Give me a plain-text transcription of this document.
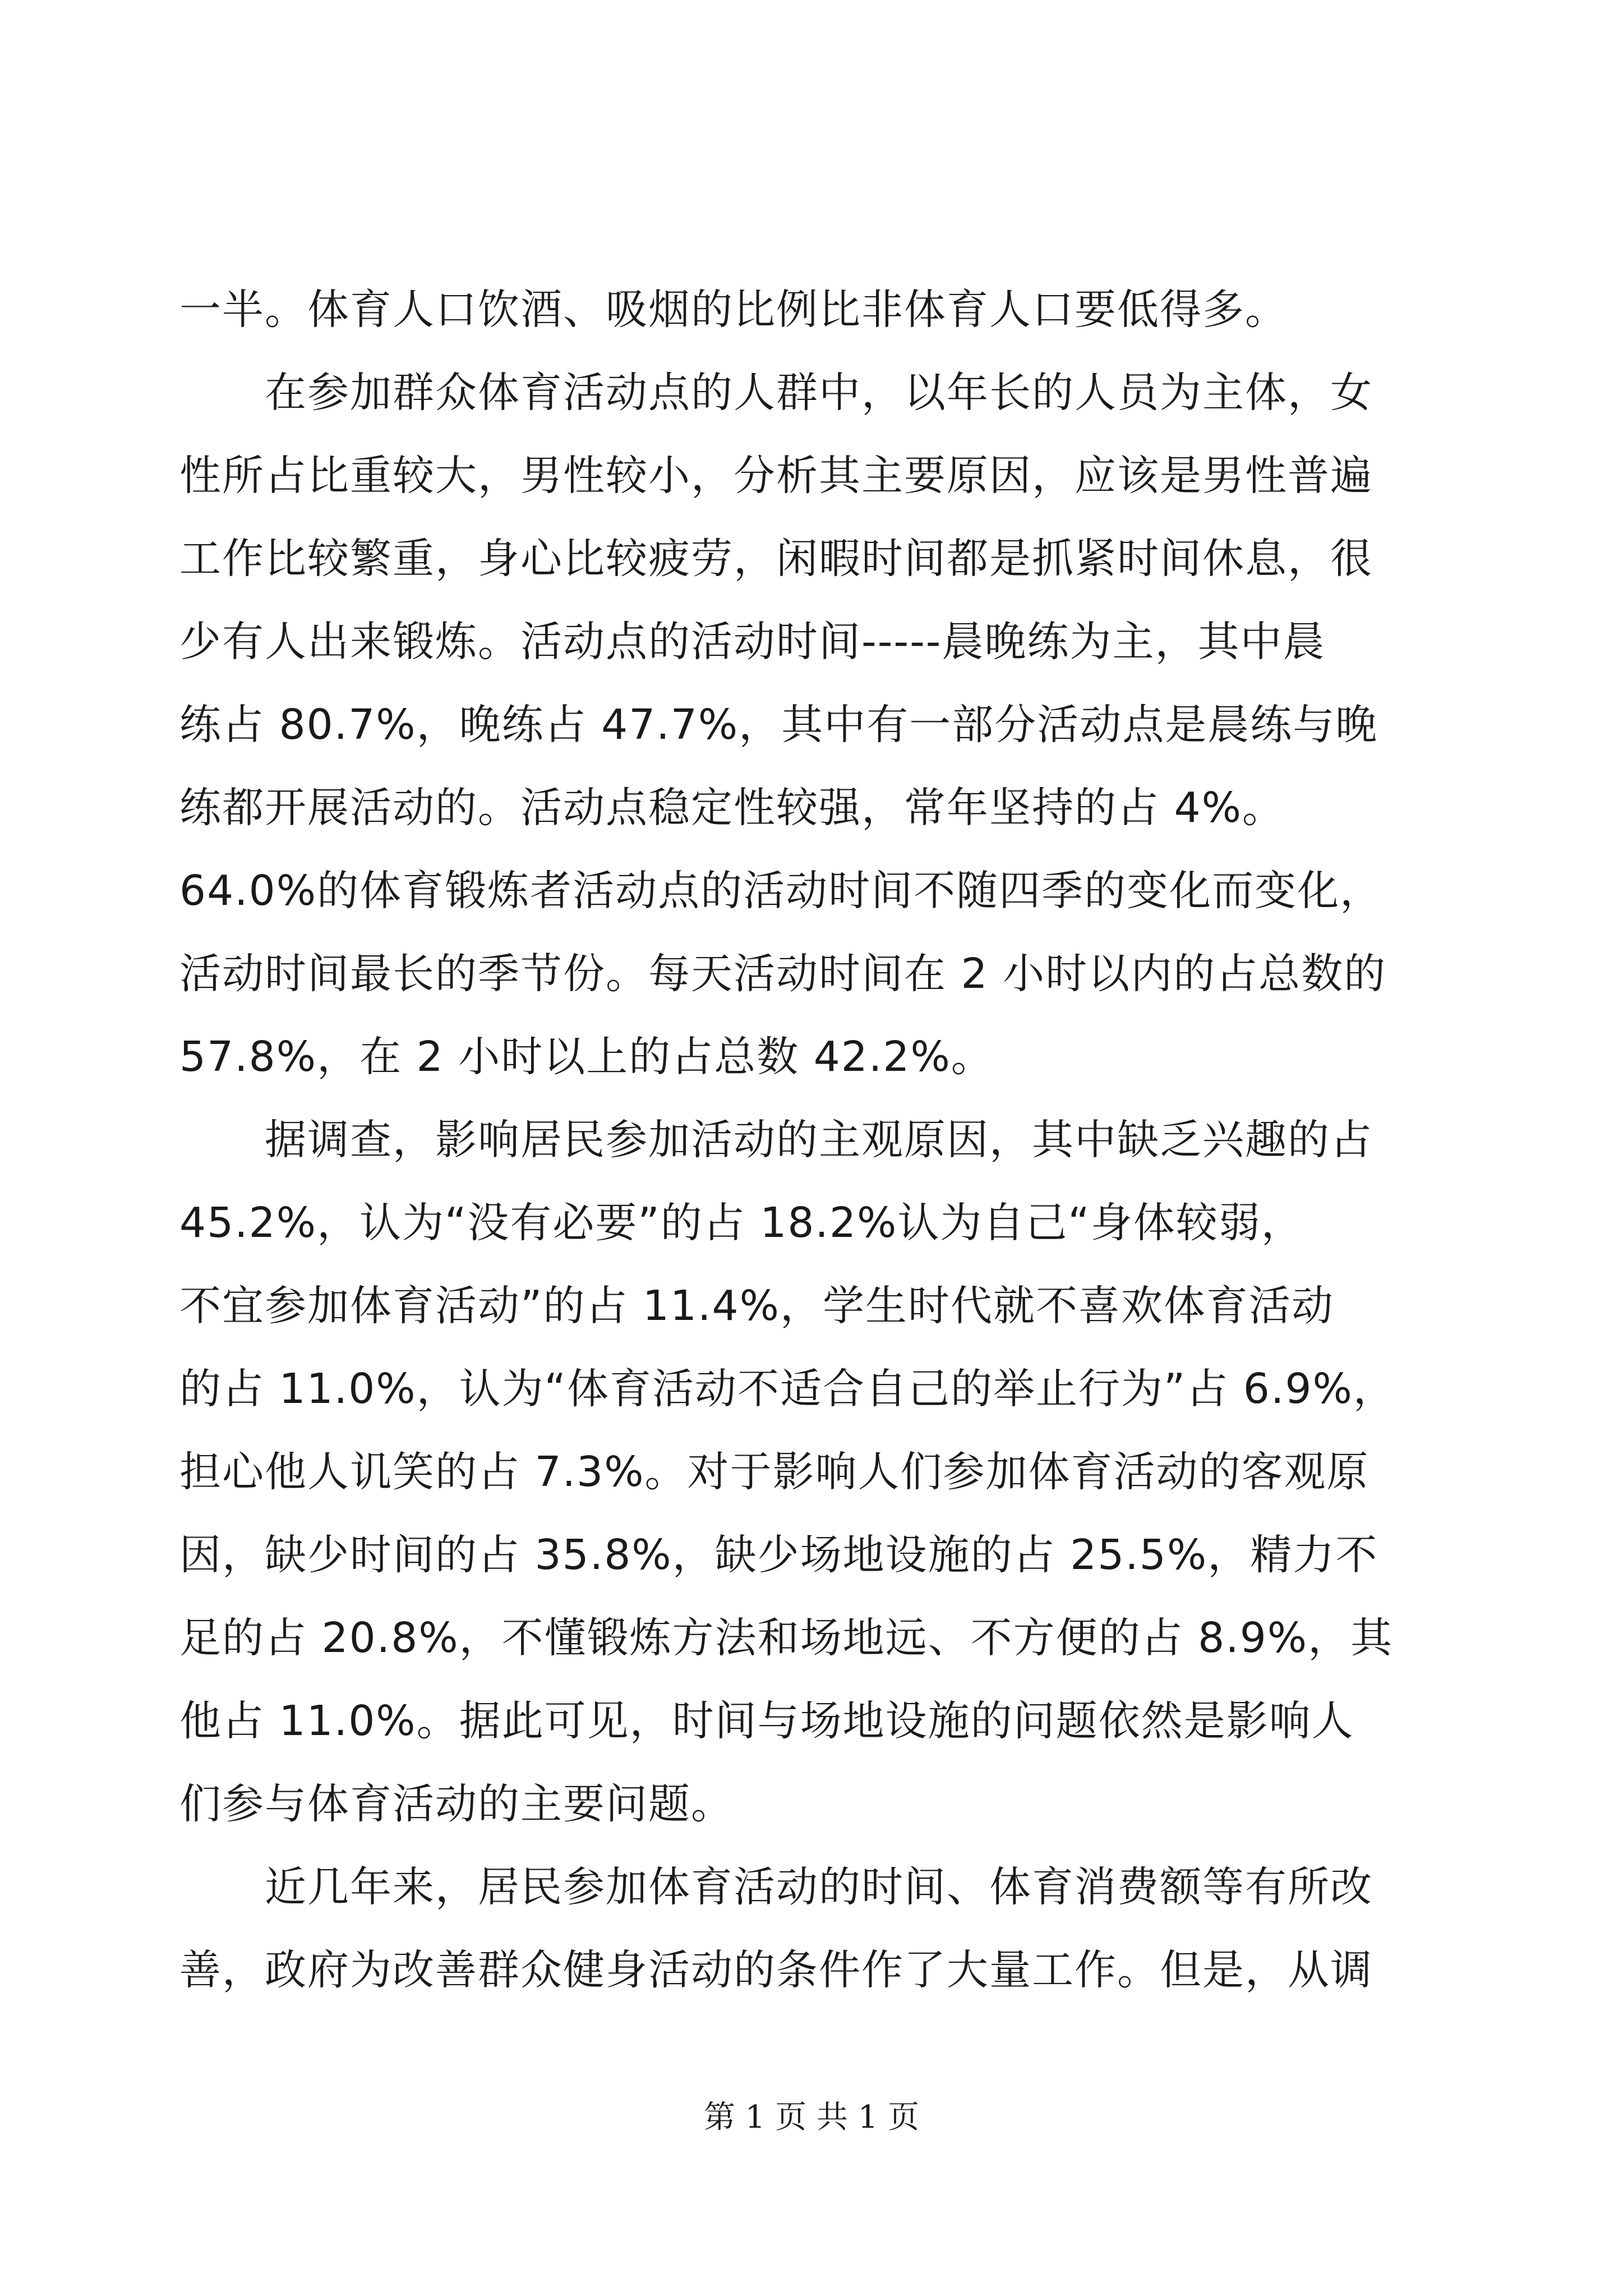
一半。体育人口饮酒、吸烟的比例比非体育人口要低得多。
　　在参加群众体育活动点的人群中，以年长的人员为主体，女
性所占比重较大，男性较小，分析其主要原因，应该是男性普遍
工作比较繁重，身心比较疲劳，闲暇时间都是抓紧时间休息，很
少有人出来锻炼。活动点的活动时间-----晨晚练为主，其中晨
练占 80.7%，晚练占 47.7%，其中有一部分活动点是晨练与晚
练都开展活动的。活动点稳定性较强，常年坚持的占 4%。
64.0%的体育锻炼者活动点的活动时间不随四季的变化而变化，
活动时间最长的季节份。每天活动时间在 2 小时以内的占总数的
57.8%，在 2 小时以上的占总数 42.2%。
　　据调查，影响居民参加活动的主观原因，其中缺乏兴趣的占
45.2%，认为“没有必要”的占 18.2%认为自己“身体较弱，
不宜参加体育活动”的占 11.4%，学生时代就不喜欢体育活动
的占 11.0%，认为“体育活动不适合自己的举止行为”占 6.9%，
担心他人讥笑的占 7.3%。对于影响人们参加体育活动的客观原
因，缺少时间的占 35.8%，缺少场地设施的占 25.5%，精力不
足的占 20.8%，不懂锻炼方法和场地远、不方便的占 8.9%，其
他占 11.0%。据此可见，时间与场地设施的问题依然是影响人
们参与体育活动的主要问题。
　　近几年来，居民参加体育活动的时间、体育消费额等有所改
善，政府为改善群众健身活动的条件作了大量工作。但是，从调
第 1 页 共 1 页
